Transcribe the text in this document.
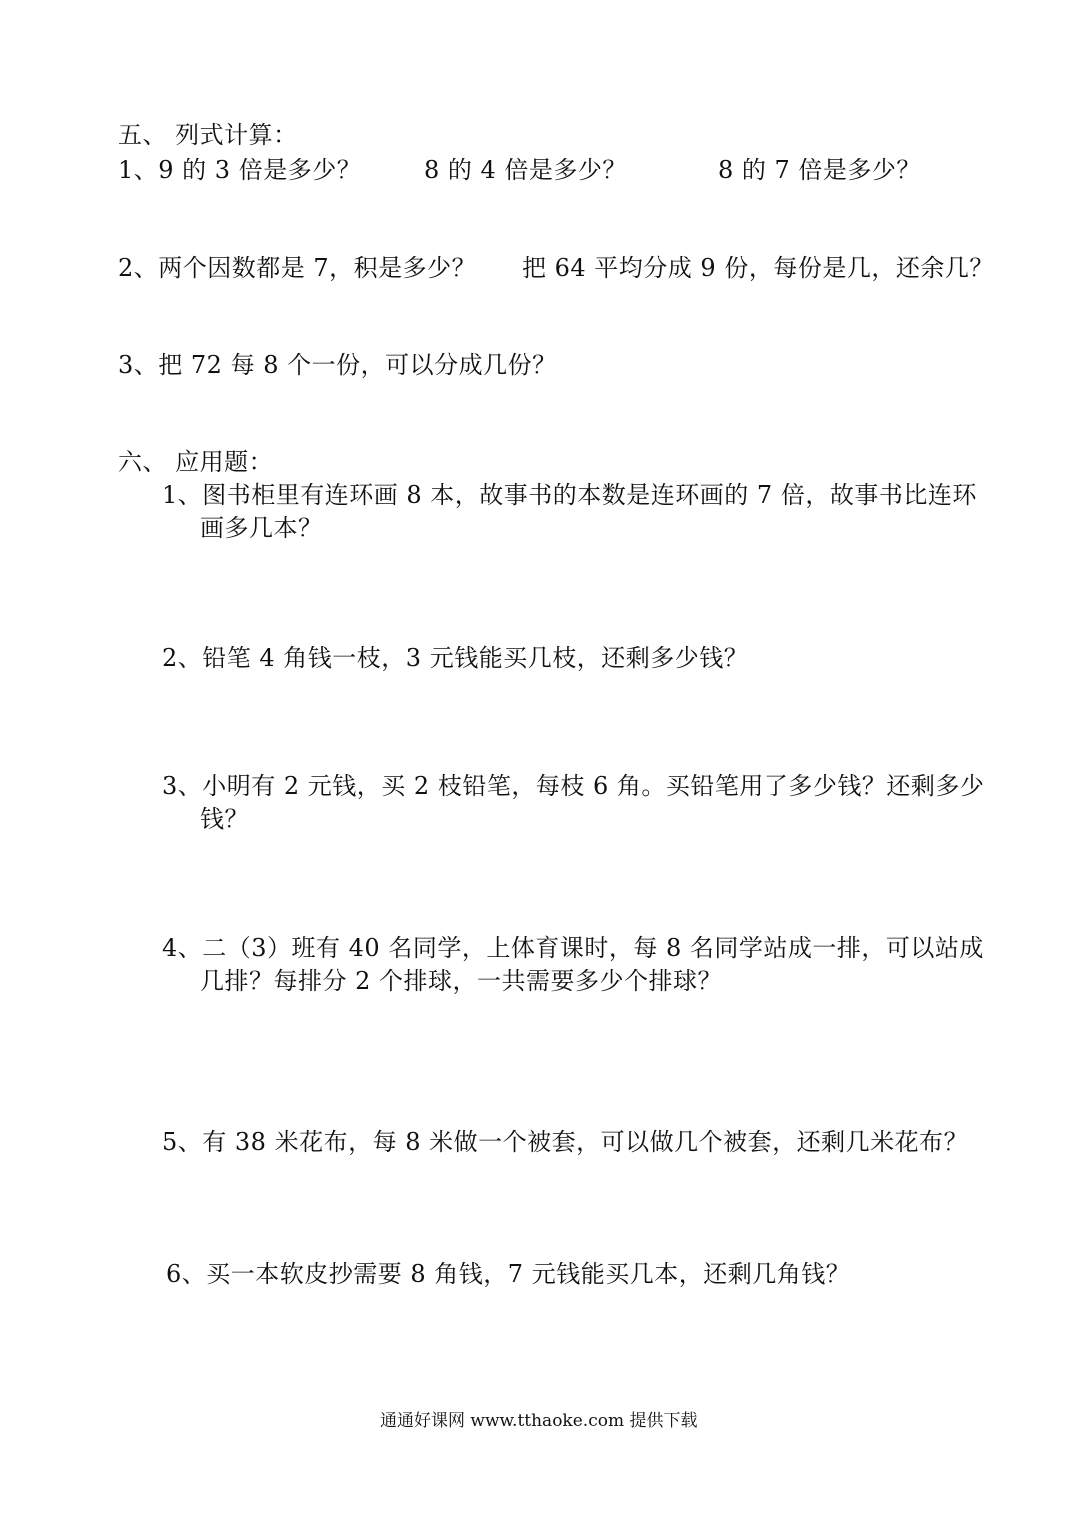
五、 列式计算：
1、9 的 3 倍是多少？	8 的 4 倍是多少？	8 的 7 倍是多少？
2、两个因数都是 7，积是多少？ 把 64 平均分成 9 份，每份是几，还余几？
3、把 72 每 8 个一份，可以分成几份？
六、 应用题：
1、图书柜里有连环画 8 本，故事书的本数是连环画的 7 倍，故事书比连环
画多几本？
2、铅笔 4 角钱一枝，3 元钱能买几枝，还剩多少钱？
3、小明有 2 元钱，买 2 枝铅笔，每枝 6 角。买铅笔用了多少钱？还剩多少
钱？
4、二（3）班有 40 名同学，上体育课时，每 8 名同学站成一排，可以站成
几排？每排分 2 个排球，一共需要多少个排球？
5、有 38 米花布，每 8 米做一个被套，可以做几个被套，还剩几米花布？
6、买一本软皮抄需要 8 角钱，7 元钱能买几本，还剩几角钱？
通通好课网 www.tthaoke.com 提供下载
